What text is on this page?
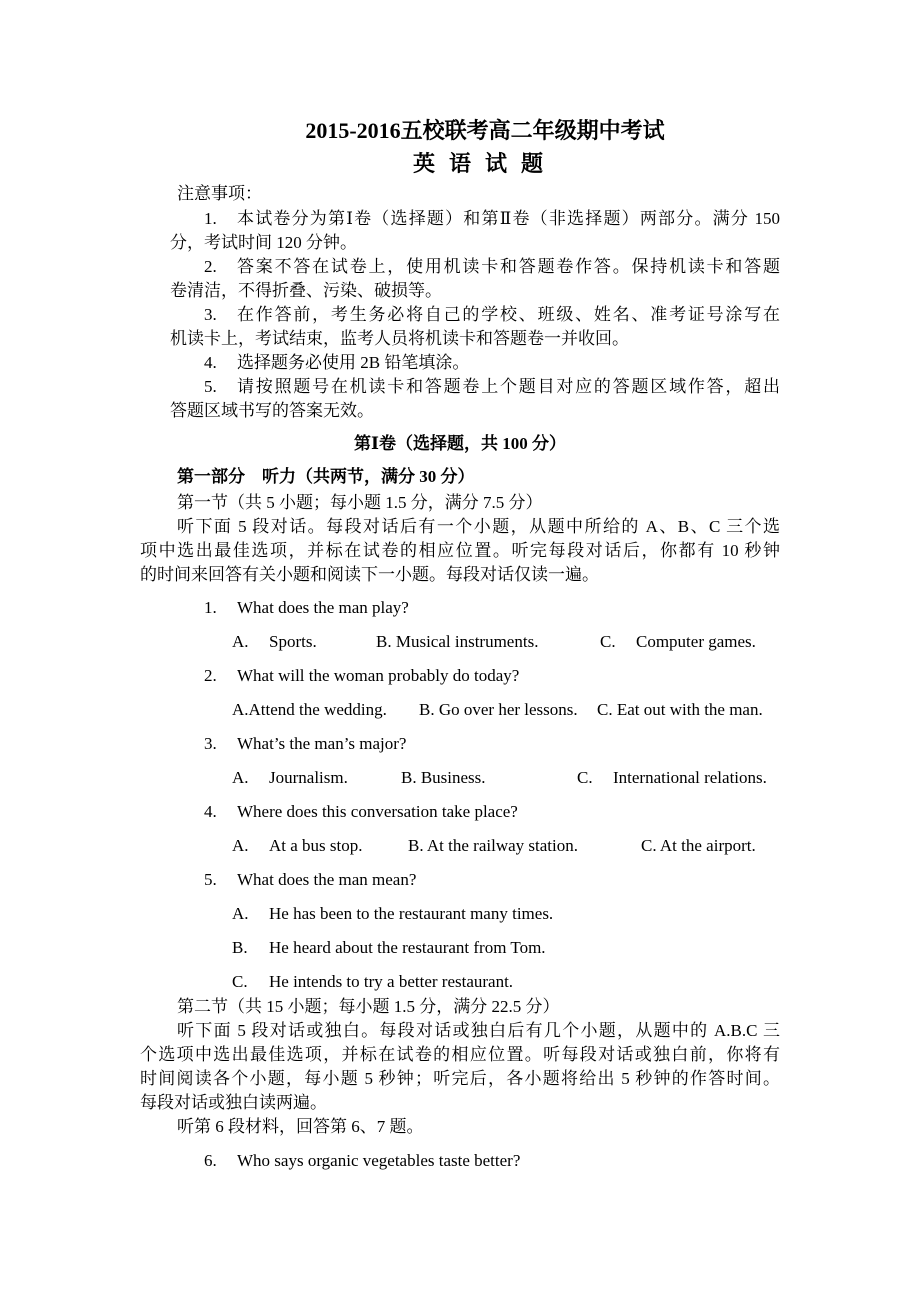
2015-2016五校联考高二年级期中考试
英语试题
注意事项：
1. 本试卷分为第Ⅰ卷（选择题）和第Ⅱ卷（非选择题）两部分。满分 150
分，考试时间 120 分钟。
2. 答案不答在试卷上，使用机读卡和答题卷作答。保持机读卡和答题
卷清洁，不得折叠、污染、破损等。
3. 在作答前，考生务必将自己的学校、班级、姓名、准考证号涂写在
机读卡上，考试结束，监考人员将机读卡和答题卷一并收回。
4. 选择题务必使用 2B 铅笔填涂。
5. 请按照题号在机读卡和答题卷上个题目对应的答题区域作答，超出
答题区域书写的答案无效。
第Ⅰ卷（选择题，共 100 分）
第一部分　听力（共两节，满分 30 分）
第一节（共 5 小题；每小题 1.5 分，满分 7.5 分）
听下面 5 段对话。每段对话后有一个小题，从题中所给的 A、B、C 三个选
项中选出最佳选项，并标在试卷的相应位置。听完每段对话后，你都有 10 秒钟
的时间来回答有关小题和阅读下一小题。每段对话仅读一遍。
1. What does the man play?
A. Sports.	B. Musical instruments.	C. Computer games.
2. What will the woman probably do today?
A.Attend the wedding. B. Go over her lessons. C. Eat out with the man.
3. What’s the man’s major?
A. Journalism.	B. Business.	C. International relations.
4. Where does this conversation take place?
A. At a bus stop.	B. At the railway station.	C. At the airport.
5. What does the man mean?
A. He has been to the restaurant many times.
B. He heard about the restaurant from Tom.
C. He intends to try a better restaurant.
第二节（共 15 小题；每小题 1.5 分，满分 22.5 分）
听下面 5 段对话或独白。每段对话或独白后有几个小题，从题中的 A.B.C 三
个选项中选出最佳选项，并标在试卷的相应位置。听每段对话或独白前，你将有
时间阅读各个小题，每小题 5 秒钟；听完后，各小题将给出 5 秒钟的作答时间。
每段对话或独白读两遍。
听第 6 段材料，回答第 6、7 题。
6. Who says organic vegetables taste better?
